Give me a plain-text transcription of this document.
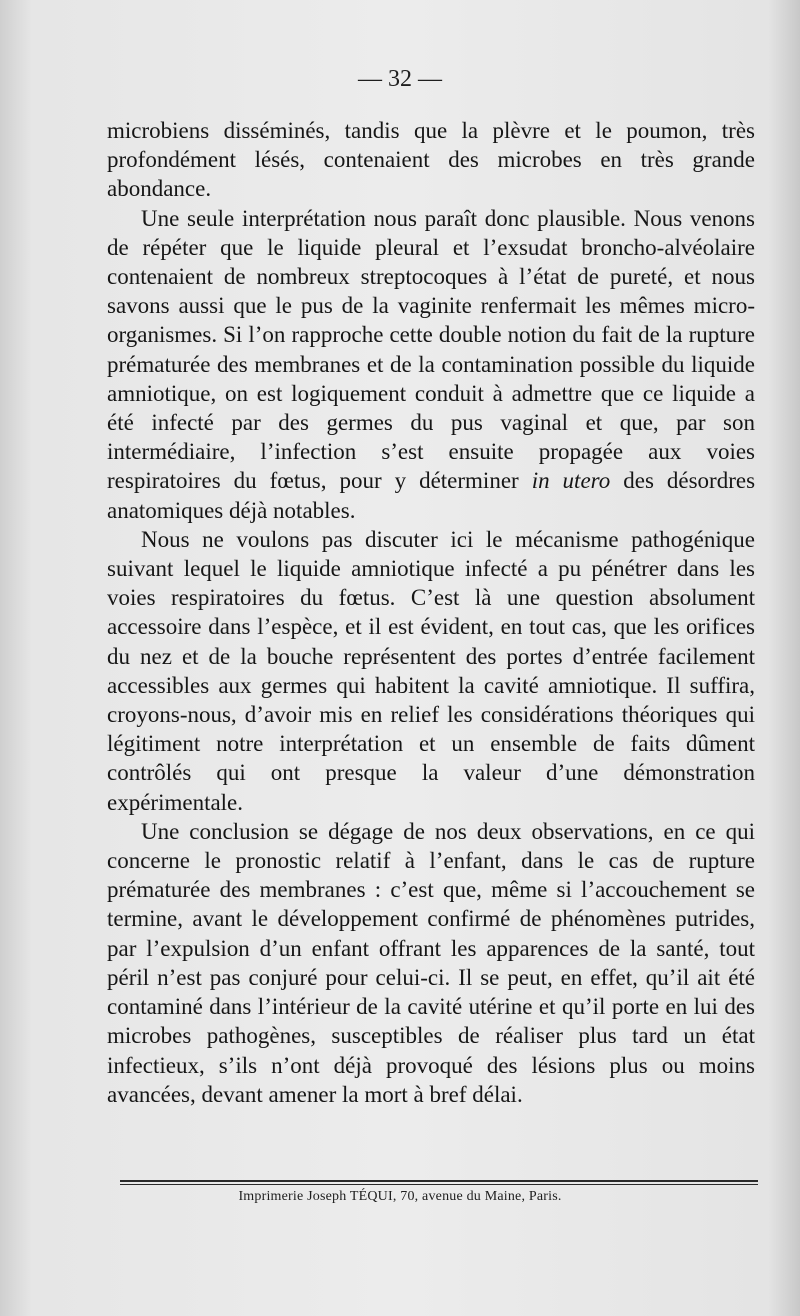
— 32 —

microbiens disséminés, tandis que la plèvre et le poumon, très profondément lésés, contenaient des microbes en très grande abondance.

Une seule interprétation nous paraît donc plausible. Nous venons de répéter que le liquide pleural et l’exsudat broncho-alvéolaire contenaient de nombreux streptocoques à l’état de pureté, et nous savons aussi que le pus de la vaginite renfermait les mêmes micro-organismes. Si l’on rapproche cette double notion du fait de la rupture prématurée des membranes et de la contamination possible du liquide amniotique, on est logiquement conduit à admettre que ce liquide a été infecté par des germes du pus vaginal et que, par son intermédiaire, l’infection s’est ensuite propagée aux voies respiratoires du fœtus, pour y déterminer in utero des désordres anatomiques déjà notables.

Nous ne voulons pas discuter ici le mécanisme pathogénique suivant lequel le liquide amniotique infecté a pu pénétrer dans les voies respiratoires du fœtus. C’est là une question absolument accessoire dans l’espèce, et il est évident, en tout cas, que les orifices du nez et de la bouche représentent des portes d’entrée facilement accessibles aux germes qui habitent la cavité amniotique. Il suffira, croyons-nous, d’avoir mis en relief les considérations théoriques qui légitiment notre interprétation et un ensemble de faits dûment contrôlés qui ont presque la valeur d’une démonstration expérimentale.

Une conclusion se dégage de nos deux observations, en ce qui concerne le pronostic relatif à l’enfant, dans le cas de rupture prématurée des membranes : c’est que, même si l’accouchement se termine, avant le développement confirmé de phénomènes putrides, par l’expulsion d’un enfant offrant les apparences de la santé, tout péril n’est pas conjuré pour celui-ci. Il se peut, en effet, qu’il ait été contaminé dans l’intérieur de la cavité utérine et qu’il porte en lui des microbes pathogènes, susceptibles de réaliser plus tard un état infectieux, s’ils n’ont déjà provoqué des lésions plus ou moins avancées, devant amener la mort à bref délai.

Imprimerie Joseph TÉQUI, 70, avenue du Maine, Paris.
